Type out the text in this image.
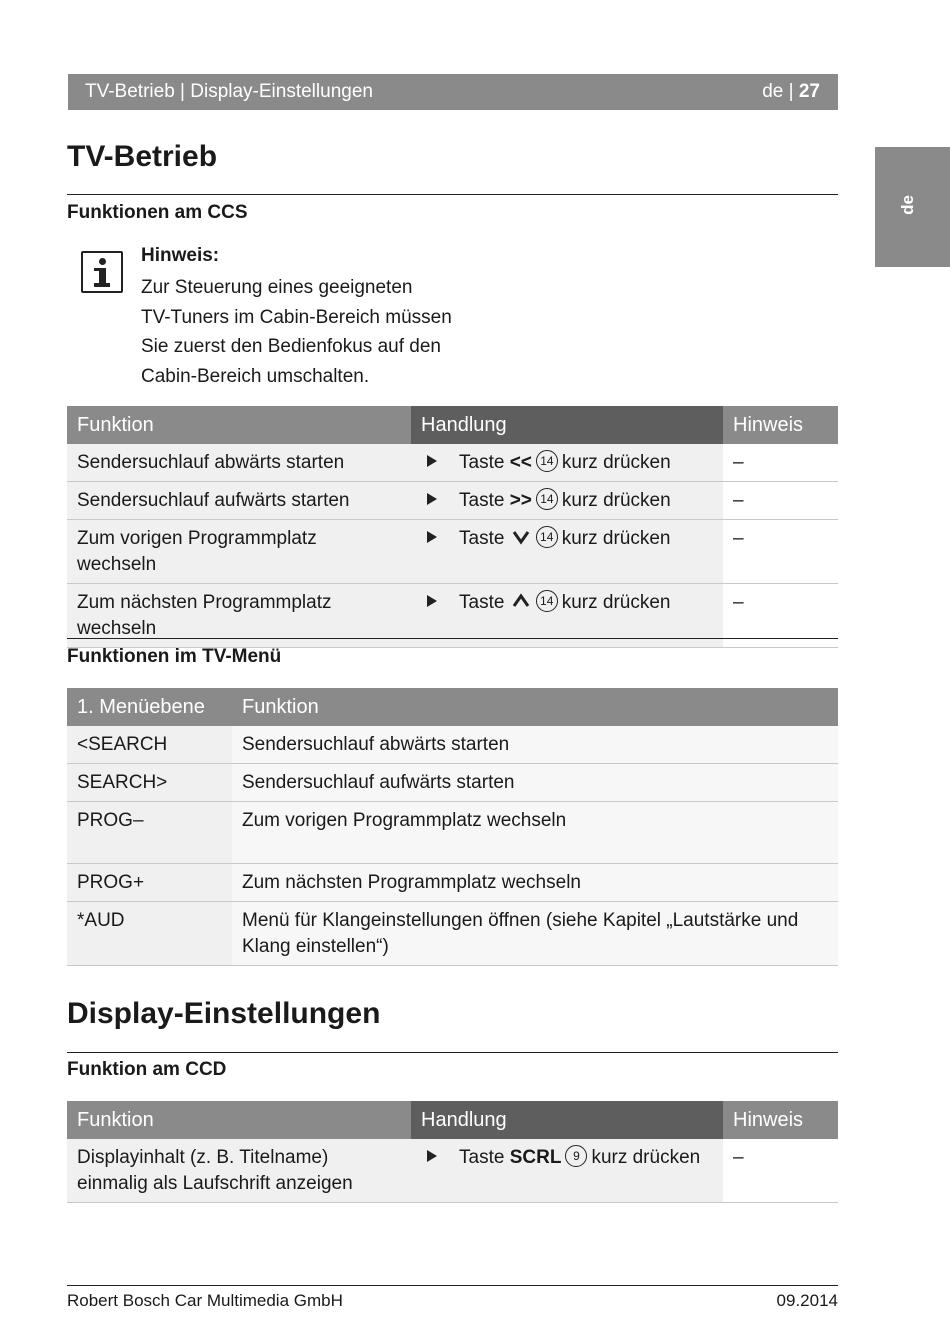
TV-Betrieb | Display-Einstellungen	de | 27
de
TV-Betrieb
Funktionen am CCS
Hinweis:
Zur Steuerung eines geeigneten
TV-Tuners im Cabin-Bereich müssen
Sie zuerst den Bedienfokus auf den
Cabin-Bereich umschalten.
Funktion	Handlung	Hinweis
Sendersuchlauf abwärts starten	Taste << 14 kurz drücken	–
Sendersuchlauf aufwärts starten	Taste >> 14 kurz drücken	–
Zum vorigen Programmplatz wechseln	Taste 14 kurz drücken	–
Zum nächsten Programmplatz wechseln	Taste 14 kurz drücken	–
Funktionen im TV-Menü
1. Menüebene	Funktion
<SEARCH	Sendersuchlauf abwärts starten
SEARCH>	Sendersuchlauf aufwärts starten
PROG–	Zum vorigen Programmplatz wechseln
PROG+	Zum nächsten Programmplatz wechseln
*AUD	Menü für Klangeinstellungen öffnen (siehe Kapitel „Lautstärke und Klang einstellen“)
Display-Einstellungen
Funktion am CCD
Funktion	Handlung	Hinweis
Displayinhalt (z. B. Titelname) einmalig als Laufschrift anzeigen	Taste SCRL 9 kurz drücken	–
Robert Bosch Car Multimedia GmbH	09.2014
